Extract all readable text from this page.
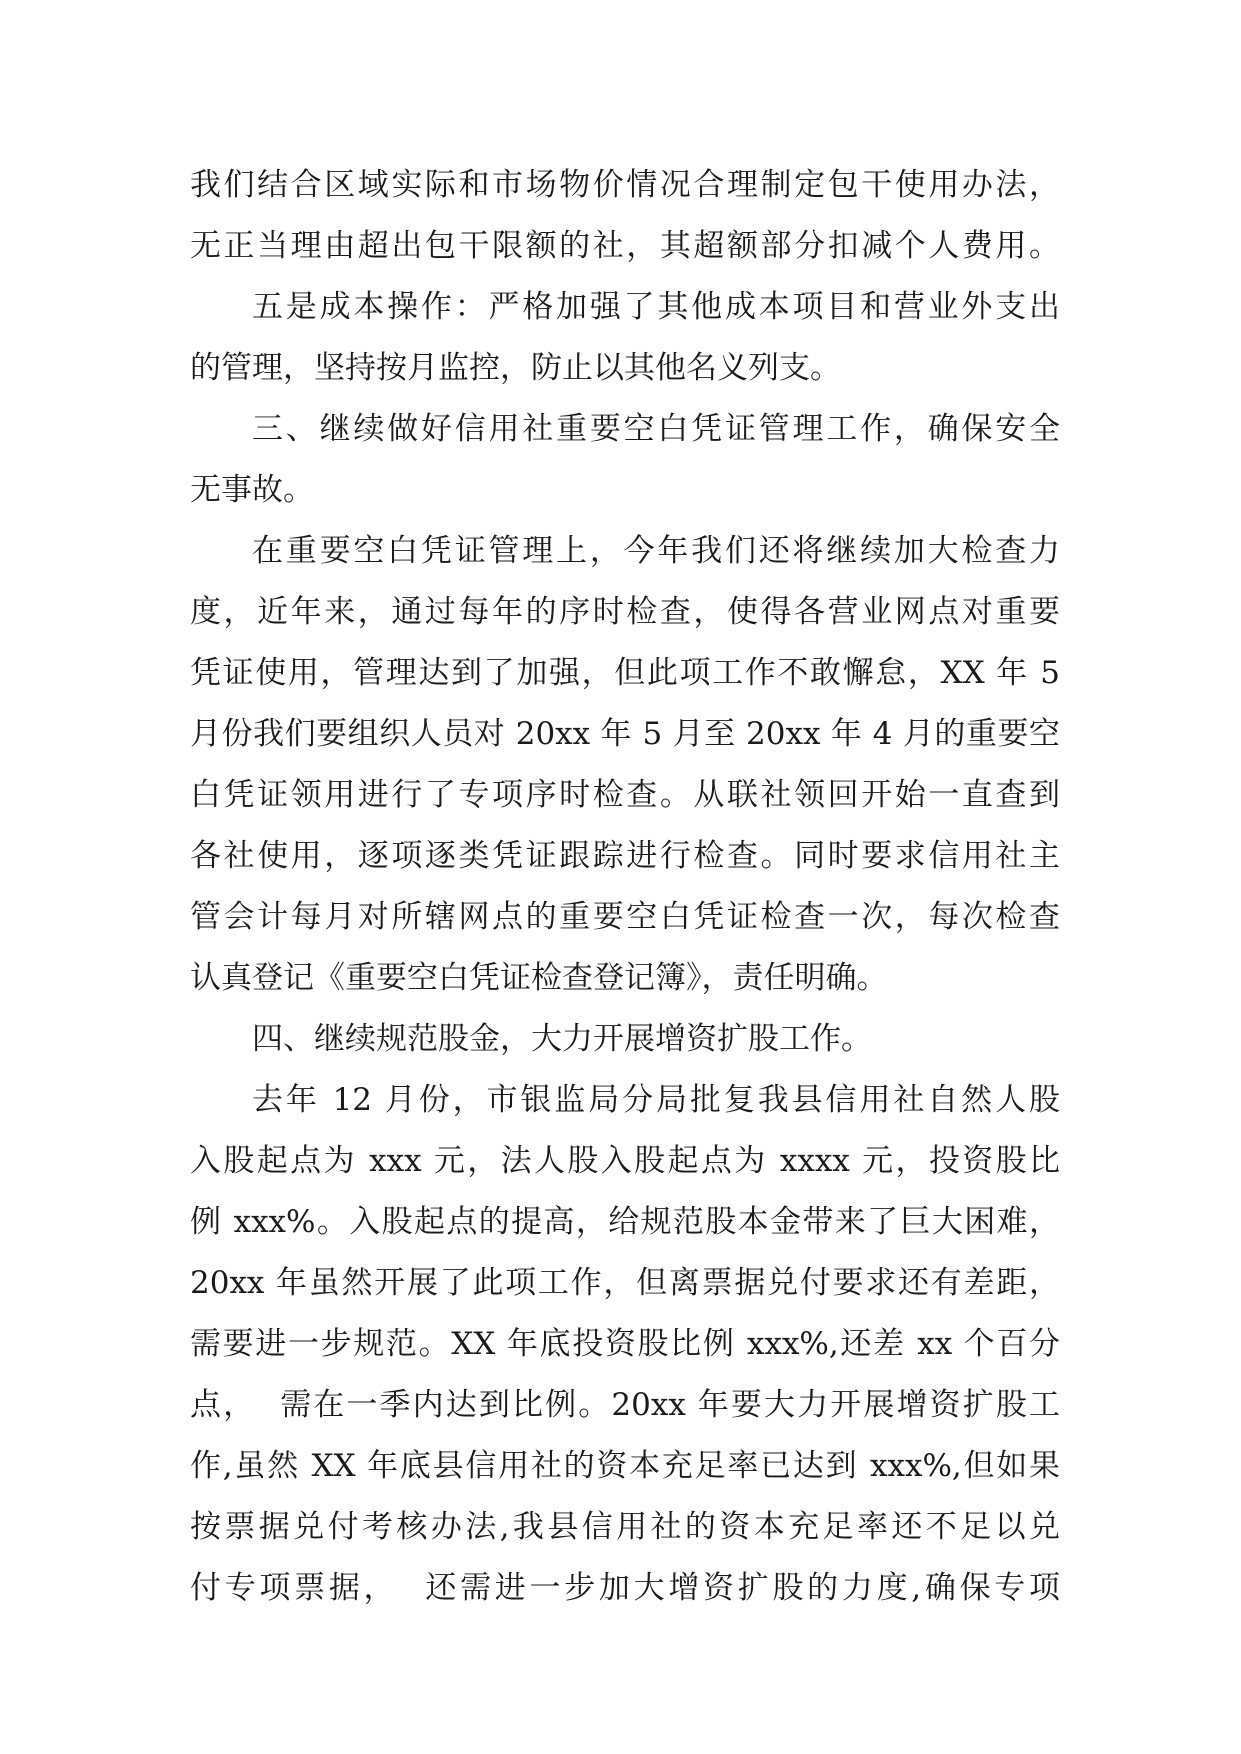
我们结合区域实际和市场物价情况合理制定包干使用办法，
无正当理由超出包干限额的社，其超额部分扣减个人费用。
五是成本操作：严格加强了其他成本项目和营业外支出
的管理，坚持按月监控，防止以其他名义列支。
三、继续做好信用社重要空白凭证管理工作，确保安全
无事故。
在重要空白凭证管理上，今年我们还将继续加大检查力
度，近年来，通过每年的序时检查，使得各营业网点对重要
凭证使用，管理达到了加强，但此项工作不敢懈怠，XX 年 5
月份我们要组织人员对 20xx 年 5 月至 20xx 年 4 月的重要空
白凭证领用进行了专项序时检查。从联社领回开始一直查到
各社使用，逐项逐类凭证跟踪进行检查。同时要求信用社主
管会计每月对所辖网点的重要空白凭证检查一次，每次检查
认真登记《重要空白凭证检查登记簿》，责任明确。
四、继续规范股金，大力开展增资扩股工作。
去年 12 月份，市银监局分局批复我县信用社自然人股
入股起点为 xxx 元，法人股入股起点为 xxxx 元，投资股比
例 xxx%。入股起点的提高，给规范股本金带来了巨大困难，
20xx 年虽然开展了此项工作，但离票据兑付要求还有差距，
需要进一步规范。XX 年底投资股比例 xxx%,还差 xx 个百分
点，  需在一季内达到比例。20xx 年要大力开展增资扩股工
作,虽然 XX 年底县信用社的资本充足率已达到 xxx%,但如果
按票据兑付考核办法,我县信用社的资本充足率还不足以兑
付专项票据，  还需进一步加大增资扩股的力度,确保专项
